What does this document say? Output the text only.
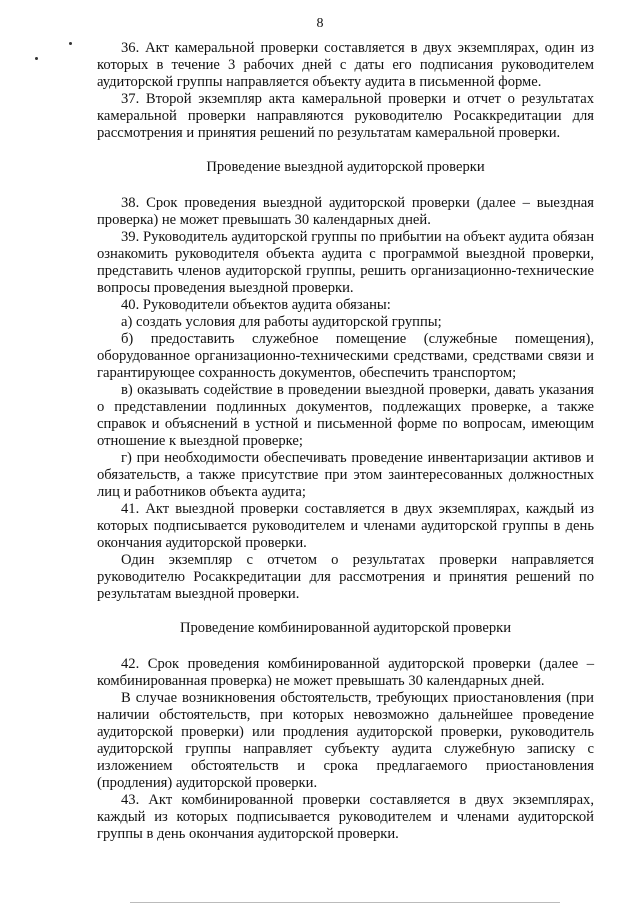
8

36. Акт камеральной проверки составляется в двух экземплярах, один из которых в течение 3 рабочих дней с даты его подписания руководителем аудиторской группы направляется объекту аудита в письменной форме.

37. Второй экземпляр акта камеральной проверки и отчет о результатах камеральной проверки направляются руководителю Росаккредитации для рассмотрения и принятия решений по результатам камеральной проверки.

Проведение выездной аудиторской проверки

38. Срок проведения выездной аудиторской проверки (далее – выездная проверка) не может превышать 30 календарных дней.

39. Руководитель аудиторской группы по прибытии на объект аудита обязан ознакомить руководителя объекта аудита с программой выездной проверки, представить членов аудиторской группы, решить организационно-технические вопросы проведения выездной проверки.

40. Руководители объектов аудита обязаны:

а) создать условия для работы аудиторской группы;

б) предоставить служебное помещение (служебные помещения), оборудованное организационно-техническими средствами, средствами связи и гарантирующее сохранность документов, обеспечить транспортом;

в) оказывать содействие в проведении выездной проверки, давать указания о представлении подлинных документов, подлежащих проверке, а также справок и объяснений в устной и письменной форме по вопросам, имеющим отношение к выездной проверке;

г) при необходимости обеспечивать проведение инвентаризации активов и обязательств, а также присутствие при этом заинтересованных должностных лиц и работников объекта аудита;

41. Акт выездной проверки составляется в двух экземплярах, каждый из которых подписывается руководителем и членами аудиторской группы в день окончания аудиторской проверки.

Один экземпляр с отчетом о результатах проверки направляется руководителю Росаккредитации для рассмотрения и принятия решений по результатам выездной проверки.

Проведение комбинированной аудиторской проверки

42. Срок проведения комбинированной аудиторской проверки (далее – комбинированная проверка) не может превышать 30 календарных дней.

В случае возникновения обстоятельств, требующих приостановления (при наличии обстоятельств, при которых невозможно дальнейшее проведение аудиторской проверки) или продления аудиторской проверки, руководитель аудиторской группы направляет субъекту аудита служебную записку с изложением обстоятельств и срока предлагаемого приостановления (продления) аудиторской проверки.

43. Акт комбинированной проверки составляется в двух экземплярах, каждый из которых подписывается руководителем и членами аудиторской группы в день окончания аудиторской проверки.
